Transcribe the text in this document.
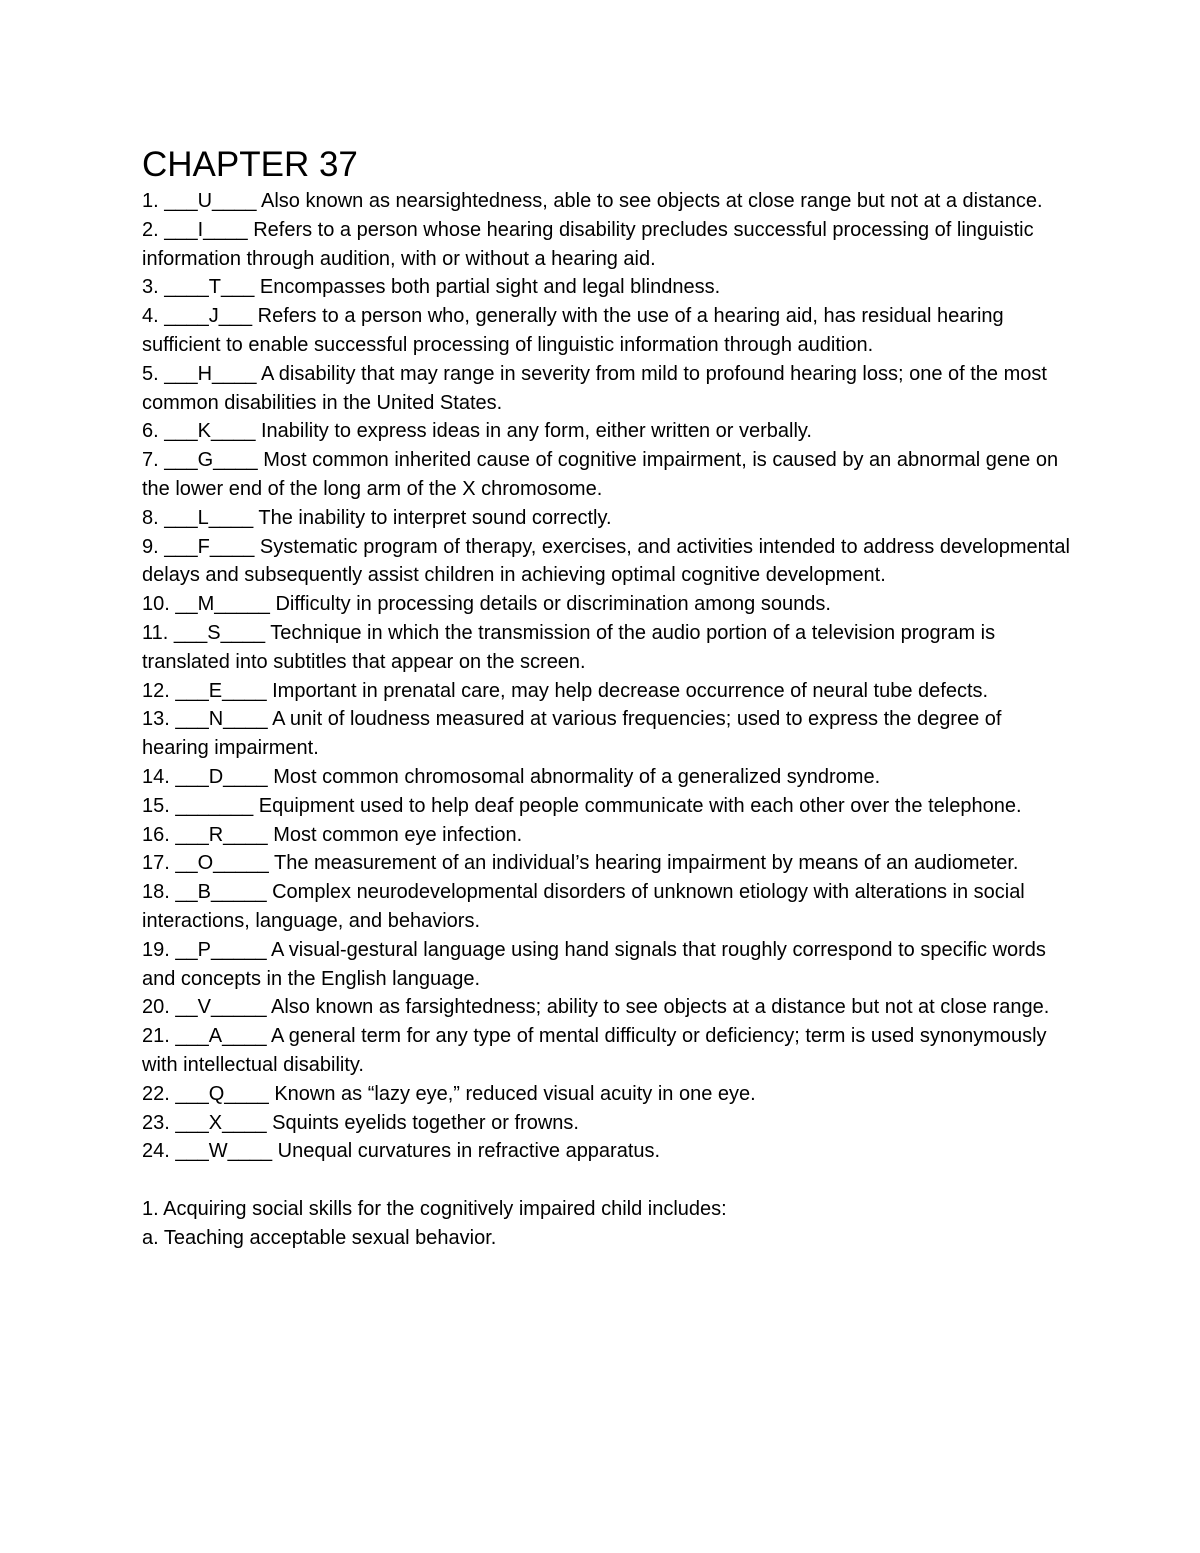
CHAPTER 37

1. ___U____ Also known as nearsightedness, able to see objects at close range but not at a distance.

2. ___I____ Refers to a person whose hearing disability precludes successful processing of linguistic information through audition, with or without a hearing aid.

3. ____T___ Encompasses both partial sight and legal blindness.

4. ____J___ Refers to a person who, generally with the use of a hearing aid, has residual hearing sufficient to enable successful processing of linguistic information through audition.

5. ___H____ A disability that may range in severity from mild to profound hearing loss; one of the most common disabilities in the United States.

6. ___K____ Inability to express ideas in any form, either written or verbally.

7. ___G____ Most common inherited cause of cognitive impairment, is caused by an abnormal gene on the lower end of the long arm of the X chromosome.

8. ___L____ The inability to interpret sound correctly.

9. ___F____ Systematic program of therapy, exercises, and activities intended to address developmental delays and subsequently assist children in achieving optimal cognitive development.

10. __M_____ Difficulty in processing details or discrimination among sounds.

11. ___S____ Technique in which the transmission of the audio portion of a television program is translated into subtitles that appear on the screen.

12. ___E____ Important in prenatal care, may help decrease occurrence of neural tube defects.

13. ___N____ A unit of loudness measured at various frequencies; used to express the degree of hearing impairment.

14. ___D____ Most common chromosomal abnormality of a generalized syndrome.

15. _______ Equipment used to help deaf people communicate with each other over the telephone.

16. ___R____ Most common eye infection.

17. __O_____ The measurement of an individual’s hearing impairment by means of an audiometer.

18. __B_____ Complex neurodevelopmental disorders of unknown etiology with alterations in social interactions, language, and behaviors.

19. __P_____ A visual-gestural language using hand signals that roughly correspond to specific words and concepts in the English language.

20. __V_____ Also known as farsightedness; ability to see objects at a distance but not at close range.

21. ___A____ A general term for any type of mental difficulty or deficiency; term is used synonymously with intellectual disability.

22. ___Q____ Known as “lazy eye,” reduced visual acuity in one eye.

23. ___X____ Squints eyelids together or frowns.

24. ___W____ Unequal curvatures in refractive apparatus.

1. Acquiring social skills for the cognitively impaired child includes:

a. Teaching acceptable sexual behavior.
